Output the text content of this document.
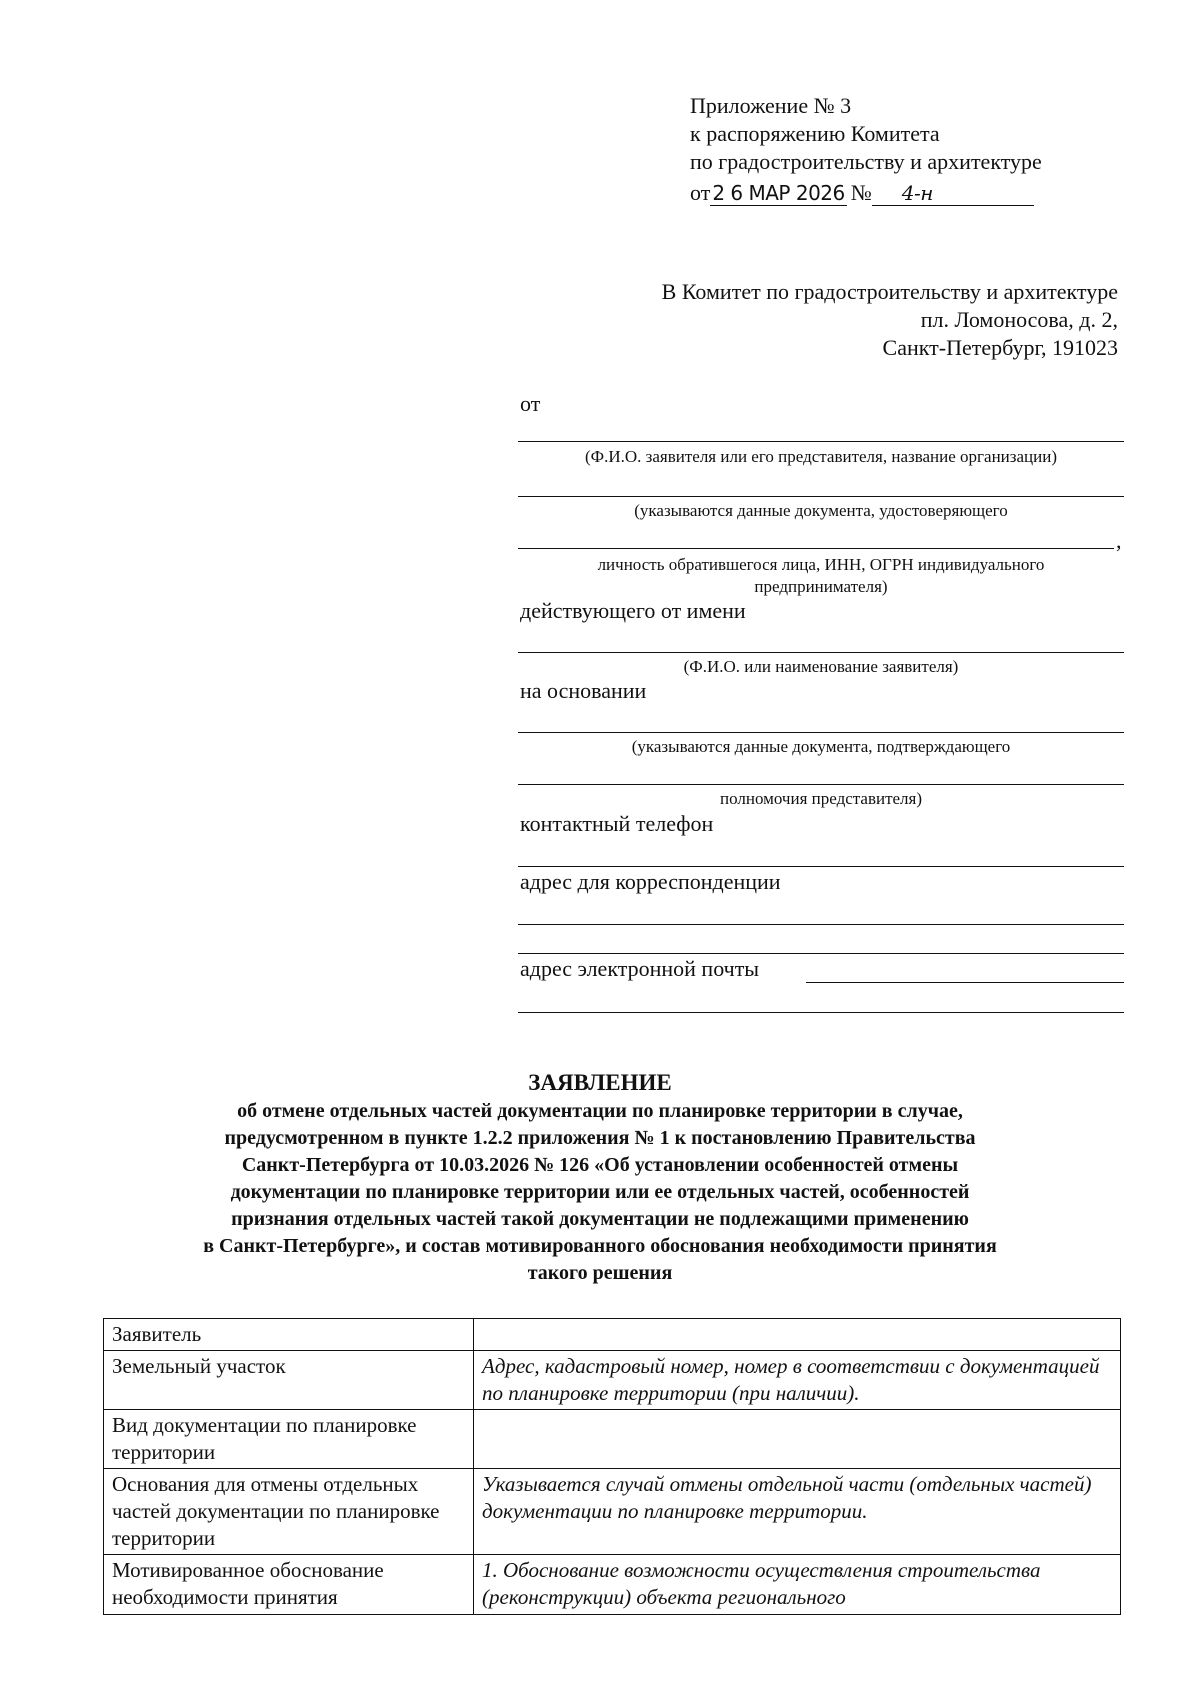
Приложение № 3
к распоряжению Комитета
по градостроительству и архитектуре
от 2 6 МАР 2026 №	4-н
В Комитет по градостроительству и архитектуре
пл. Ломоносова, д. 2,
Санкт-Петербург, 191023
от
(Ф.И.О. заявителя или его представителя, название организации)
(указываются данные документа, удостоверяющего
,
личность обратившегося лица, ИНН, ОГРН индивидуального
предпринимателя)
действующего от имени
(Ф.И.О. или наименование заявителя)
на основании
(указываются данные документа, подтверждающего
полномочия представителя)
контактный телефон
адрес для корреспонденции
адрес электронной почты
ЗАЯВЛЕНИЕ

об отмене отдельных частей документации по планировке территории в случае,

предусмотренном в пункте 1.2.2 приложения № 1 к постановлению Правительства

Санкт-Петербурга от 10.03.2026 № 126 «Об установлении особенностей отмены

документации по планировке территории или ее отдельных частей, особенностей

признания отдельных частей такой документации не подлежащими применению

в Санкт-Петербурге», и состав мотивированного обоснования необходимости принятия

такого решения

Заявитель	
Земельный участок	Адрес, кадастровый номер, номер в соответствии с документацией по планировке территории (при наличии).
Вид документации по планировке территории	
Основания для отмены отдельных частей документации по планировке территории	Указывается случай отмены отдельной части (отдельных частей) документации по планировке территории.

Мотивированное обоснование необходимости принятия	1. Обоснование возможности осуществления строительства (реконструкции) объекта регионального
